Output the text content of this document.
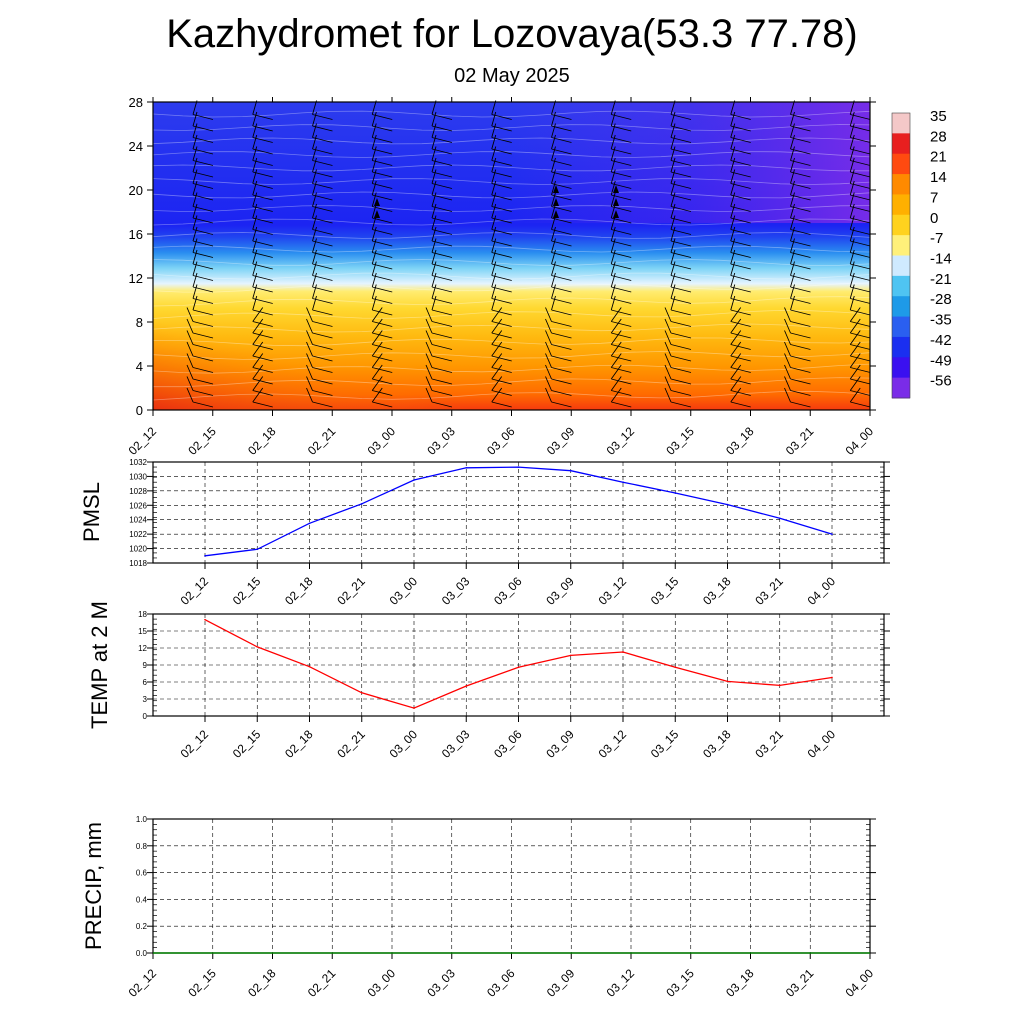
Kazhydromet for Lozovaya(53.3 77.78)
02 May 2025
0
4
8
12
16
20
24
28
02_12 02_15 02_18 02_21 03_00 03_03 03_06 03_09 03_12 03_15 03_18 03_21 04_00
35
28
21
14
7
0
-7
-14
-21
-28
-35
-42
-49
-56
1018
1020
1022
1024
1026
1028
1030
1032
02_12 02_15 02_18 02_21 03_00 03_03 03_06 03_09 03_12 03_15 03_18 03_21 04_00
PMSL
0
3
6
9
12
15
18
02_12 02_15 02_18 02_21 03_00 03_03 03_06 03_09 03_12 03_15 03_18 03_21 04_00
TEMP at 2 M
0.0
0.2
0.4
0.6
0.8
1.0
02_12 02_15 02_18 02_21 03_00 03_03 03_06 03_09 03_12 03_15 03_18 03_21 04_00
PRECIP, mm
